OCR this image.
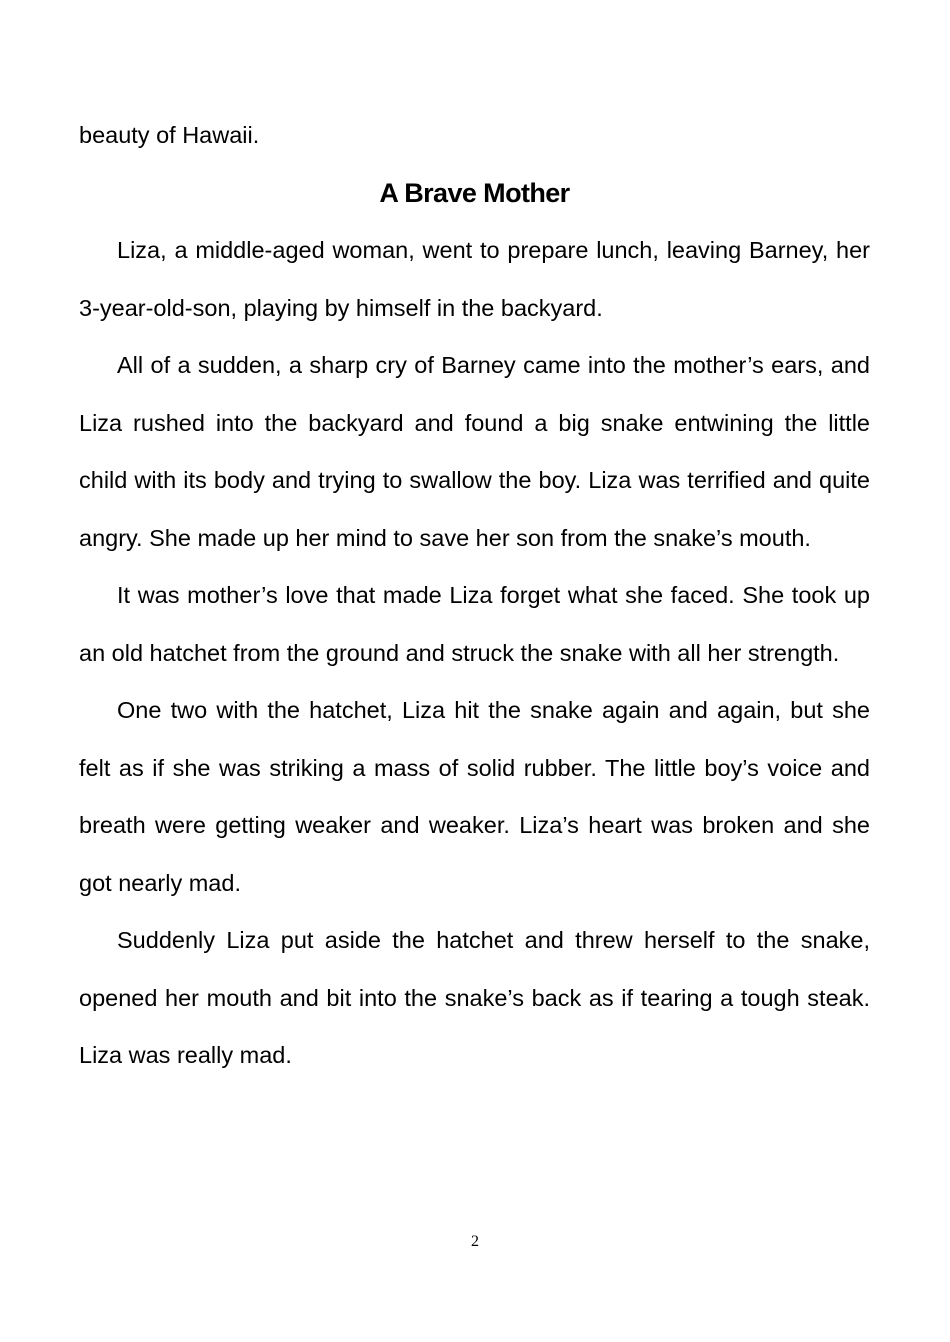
beauty of Hawaii.

A Brave Mother

Liza, a middle-aged woman, went to prepare lunch, leaving Barney, her 3-year-old-son, playing by himself in the backyard.

All of a sudden, a sharp cry of Barney came into the mother’s ears, and Liza rushed into the backyard and found a big snake entwining the little child with its body and trying to swallow the boy. Liza was terrified and quite angry. She made up her mind to save her son from the snake’s mouth.

It was mother’s love that made Liza forget what she faced. She took up an old hatchet from the ground and struck the snake with all her strength.

One two with the hatchet, Liza hit the snake again and again, but she felt as if she was striking a mass of solid rubber. The little boy’s voice and breath were getting weaker and weaker. Liza’s heart was broken and she got nearly mad.

Suddenly Liza put aside the hatchet and threw herself to the snake, opened her mouth and bit into the snake’s back as if tearing a tough steak. Liza was really mad.

2
